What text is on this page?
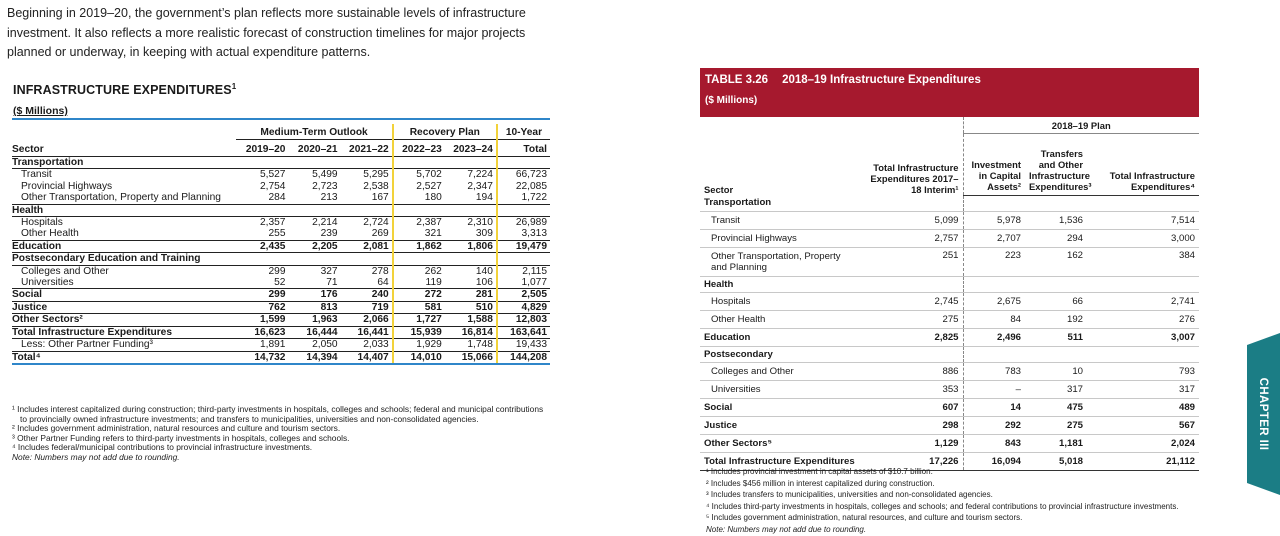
Beginning in 2019–20, the government’s plan reflects more sustainable levels of infrastructure

investment. It also reflects a more realistic forecast of construction timelines for major projects

planned or underway, in keeping with actual expenditure patterns.

INFRASTRUCTURE EXPENDITURES$^1$
($ Millions)
	Medium-Term Outlook			Recovery Plan		10-Year
Sector	2019–20	2020–21	2021–22	2022–23	2023–24	Total
Transportation						
Transit	5,527	5,499	5,295	5,702	7,224	66,723
Provincial Highways	2,754	2,723	2,538	2,527	2,347	22,085
Other Transportation, Property and Planning	284	213	167	180	194	1,722
Health						
Hospitals	2,357	2,214	2,724	2,387	2,310	26,989
Other Health	255	239	269	321	309	3,313
Education	2,435	2,205	2,081	1,862	1,806	19,479
Postsecondary Education and Training						
Colleges and Other	299	327	278	262	140	2,115
Universities	52	71	64	119	106	1,077
Social	299	176	240	272	281	2,505
Justice	762	813	719	581	510	4,829
Other Sectors²	1,599	1,963	2,066	1,727	1,588	12,803
Total Infrastructure Expenditures	16,623	16,444	16,441	15,939	16,814	163,641
Less: Other Partner Funding³	1,891	2,050	2,033	1,929	1,748	19,433
Total⁴	14,732	14,394	14,407	14,010	15,066	144,208
¹ Includes interest capitalized during construction; third-party investments in hospitals, colleges and schools; federal and municipal contributions to provincially owned infrastructure investments; and transfers to municipalities, universities and non-consolidated agencies.
² Includes government administration, natural resources and culture and tourism sectors.
³ Other Partner Funding refers to third-party investments in hospitals, colleges and schools.
⁴ Includes federal/municipal contributions to provincial infrastructure investments.
Note: Numbers may not add due to rounding.
TABLE 3.26 2018–19 Infrastructure Expenditures
($ Millions)
Sector	Total Infrastructure Expenditures 2017–18 Interim¹	2018–19 Plan		
		Investment in Capital Assets²	Transfers and Other Infrastructure Expenditures³	Total Infrastructure Expenditures⁴
Transportation				
Transit	5,099	5,978	1,536	7,514
Provincial Highways	2,757	2,707	294	3,000
Other Transportation, Property
and Planning	251	223	162	384
Health				
Hospitals	2,745	2,675	66	2,741
Other Health	275	84	192	276
Education	2,825	2,496	511	3,007
Postsecondary				
Colleges and Other	886	783	10	793
Universities	353	–	317	317
Social	607	14	475	489
Justice	298	292	275	567
Other Sectors⁵	1,129	843	1,181	2,024
Total Infrastructure Expenditures	17,226	16,094	5,018	21,112
¹ Includes provincial investment in capital assets of $10.7 billion.
² Includes $456 million in interest capitalized during construction.
³ Includes transfers to municipalities, universities and non-consolidated agencies.
⁴ Includes third-party investments in hospitals, colleges and schools; and federal contributions to provincial infrastructure investments.
⁵ Includes government administration, natural resources, and culture and tourism sectors.
Note: Numbers may not add due to rounding.
CHAPTER III
